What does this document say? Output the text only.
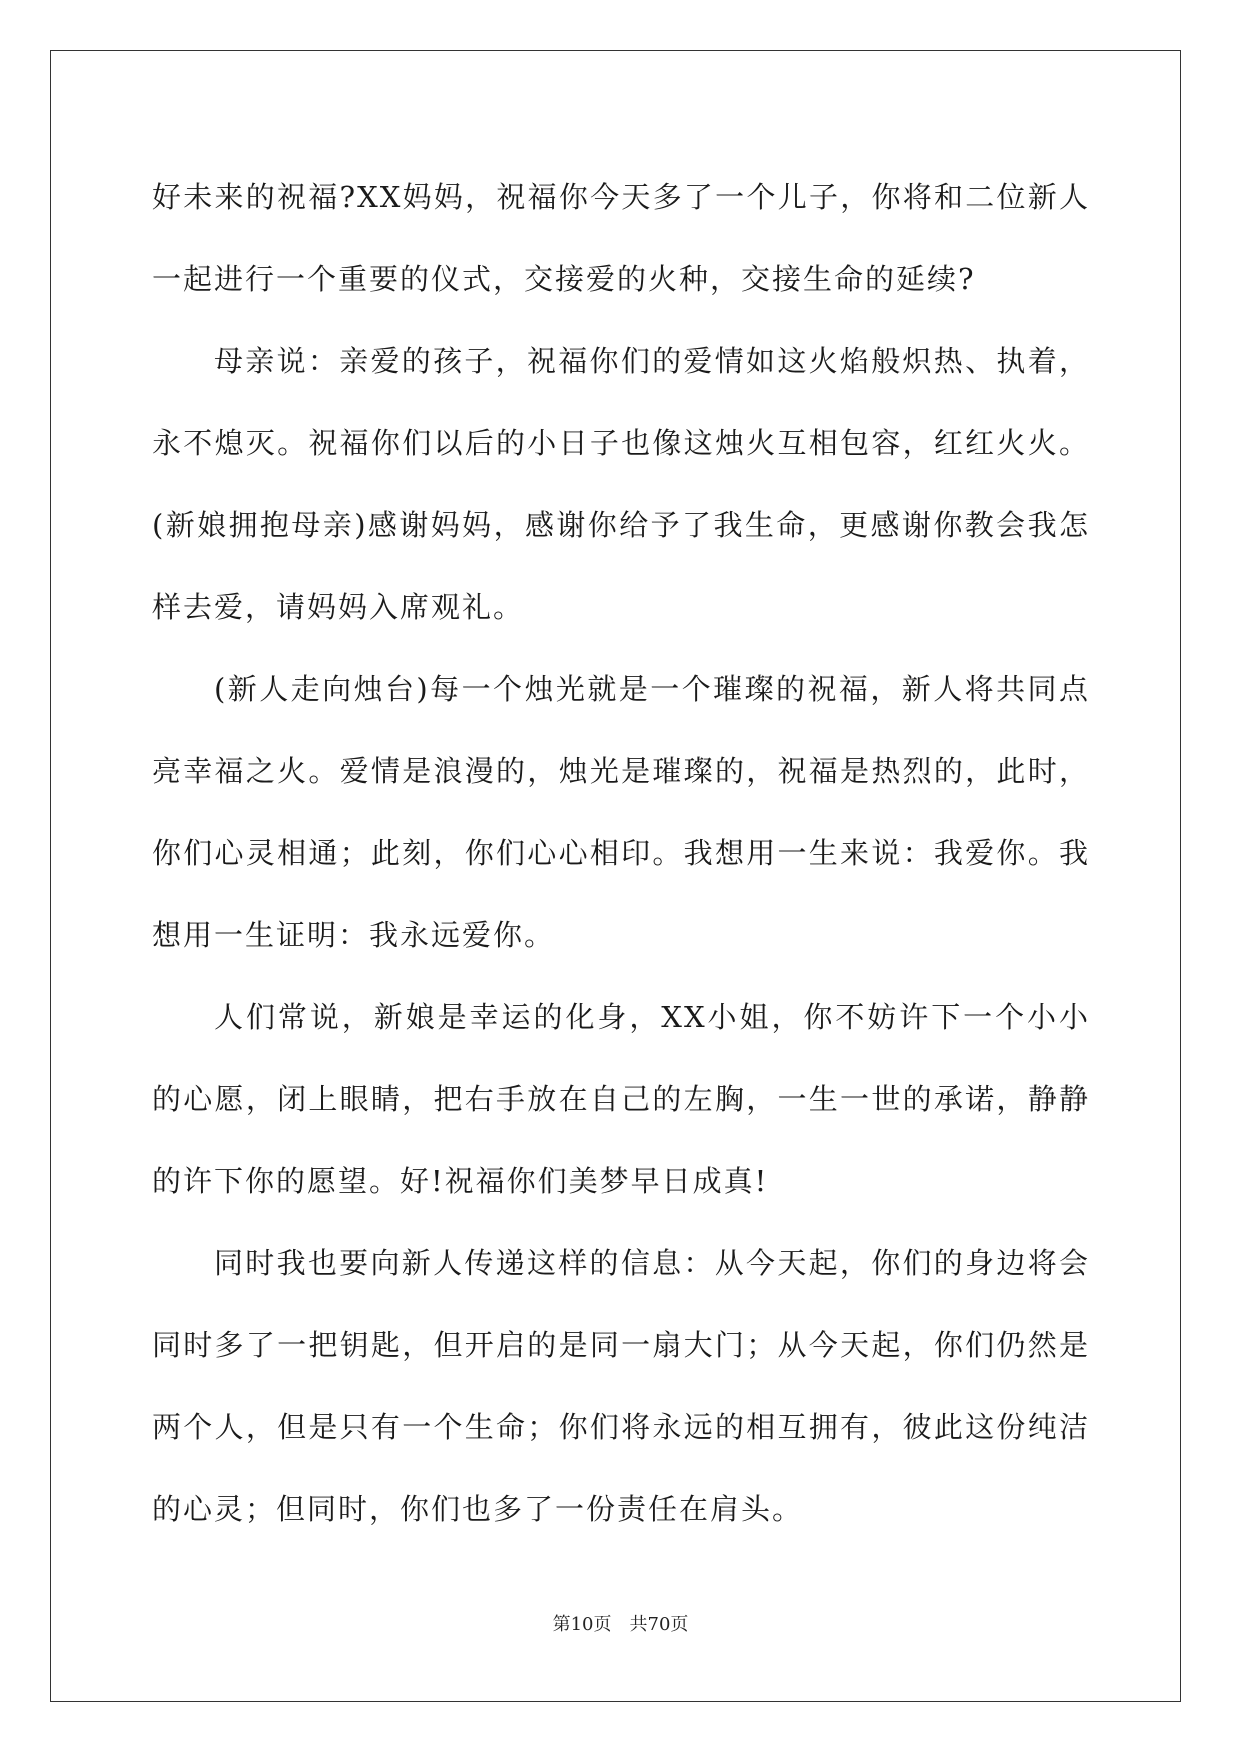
好未来的祝福?XX妈妈，祝福你今天多了一个儿子，你将和二位新人一起进行一个重要的仪式，交接爱的火种，交接生命的延续?

母亲说：亲爱的孩子，祝福你们的爱情如这火焰般炽热、执着，永不熄灭。祝福你们以后的小日子也像这烛火互相包容，红红火火。(新娘拥抱母亲)感谢妈妈，感谢你给予了我生命，更感谢你教会我怎样去爱，请妈妈入席观礼。

(新人走向烛台)每一个烛光就是一个璀璨的祝福，新人将共同点亮幸福之火。爱情是浪漫的，烛光是璀璨的，祝福是热烈的，此时，你们心灵相通；此刻，你们心心相印。我想用一生来说：我爱你。我想用一生证明：我永远爱你。

人们常说，新娘是幸运的化身，XX小姐，你不妨许下一个小小的心愿，闭上眼睛，把右手放在自己的左胸，一生一世的承诺，静静的许下你的愿望。好!祝福你们美梦早日成真!

同时我也要向新人传递这样的信息：从今天起，你们的身边将会同时多了一把钥匙，但开启的是同一扇大门；从今天起，你们仍然是两个人，但是只有一个生命；你们将永远的相互拥有，彼此这份纯洁的心灵；但同时，你们也多了一份责任在肩头。

第10页　共70页
